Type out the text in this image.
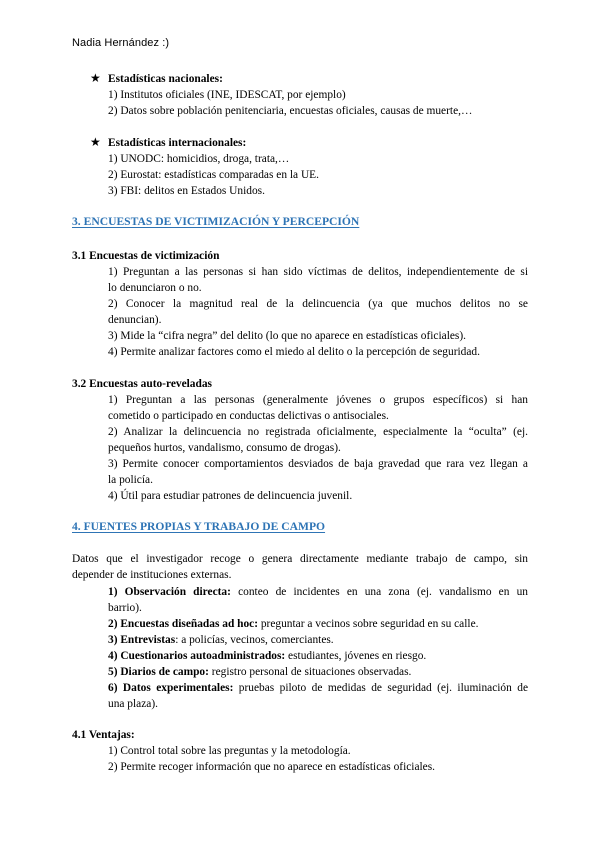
Nadia Hernández :)
★ Estadísticas nacionales:
1) Institutos oficiales (INE, IDESCAT, por ejemplo)
2) Datos sobre población penitenciaria, encuestas oficiales, causas de muerte,…
★ Estadísticas internacionales:
1) UNODC: homicidios, droga, trata,…
2) Eurostat: estadísticas comparadas en la UE.
3) FBI: delitos en Estados Unidos.
3. ENCUESTAS DE VICTIMIZACIÓN Y PERCEPCIÓN
3.1 Encuestas de victimización
1) Preguntan a las personas si han sido víctimas de delitos, independientemente de si
lo denunciaron o no.
2) Conocer la magnitud real de la delincuencia (ya que muchos delitos no se
denuncian).
3) Mide la “cifra negra” del delito (lo que no aparece en estadísticas oficiales).
4) Permite analizar factores como el miedo al delito o la percepción de seguridad.
3.2 Encuestas auto-reveladas
1) Preguntan a las personas (generalmente jóvenes o grupos específicos) si han
cometido o participado en conductas delictivas o antisociales.
2) Analizar la delincuencia no registrada oficialmente, especialmente la “oculta” (ej.
pequeños hurtos, vandalismo, consumo de drogas).
3) Permite conocer comportamientos desviados de baja gravedad que rara vez llegan a
la policía.
4) Útil para estudiar patrones de delincuencia juvenil.
4. FUENTES PROPIAS Y TRABAJO DE CAMPO
Datos que el investigador recoge o genera directamente mediante trabajo de campo, sin
depender de instituciones externas.
1) Observación directa: conteo de incidentes en una zona (ej. vandalismo en un
barrio).
2) Encuestas diseñadas ad hoc: preguntar a vecinos sobre seguridad en su calle.
3) Entrevistas: a policías, vecinos, comerciantes.
4) Cuestionarios autoadministrados: estudiantes, jóvenes en riesgo.
5) Diarios de campo: registro personal de situaciones observadas.
6) Datos experimentales: pruebas piloto de medidas de seguridad (ej. iluminación de
una plaza).
4.1 Ventajas:
1) Control total sobre las preguntas y la metodología.
2) Permite recoger información que no aparece en estadísticas oficiales.
